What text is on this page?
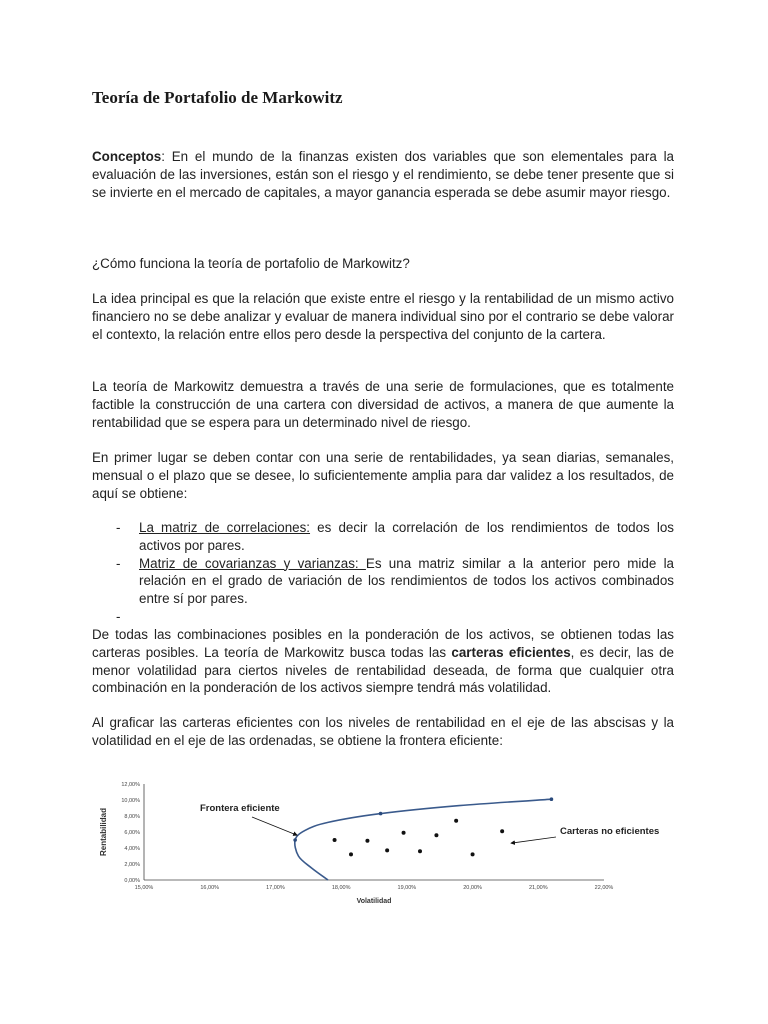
Teoría de Portafolio de Markowitz

Conceptos: En el mundo de la finanzas existen dos variables que son elementales para la evaluación de las inversiones, están son el riesgo y el rendimiento, se debe tener presente que si se invierte en el mercado de capitales, a mayor ganancia esperada se debe asumir mayor riesgo.

¿Cómo funciona la teoría de portafolio de Markowitz?

La idea principal es que la relación que existe entre el riesgo y la rentabilidad de un mismo activo financiero no se debe analizar y evaluar de manera individual sino por el contrario se debe valorar el contexto, la relación entre ellos pero desde la perspectiva del conjunto de la cartera.

La teoría de Markowitz demuestra a través de una serie de formulaciones, que es totalmente factible la construcción de una cartera con diversidad de activos, a manera de que aumente la rentabilidad que se espera para un determinado nivel de riesgo.

En primer lugar se deben contar con una serie de rentabilidades, ya sean diarias, semanales, mensual o el plazo que se desee, lo suficientemente amplia para dar validez a los resultados, de aquí se obtiene:

- La matriz de correlaciones: es decir la correlación de los rendimientos de todos los activos por pares.
- Matriz de covarianzas y varianzas: Es una matriz similar a la anterior pero mide la relación en el grado de variación de los rendimientos de todos los activos combinados entre sí por pares.
-

De todas las combinaciones posibles en la ponderación de los activos, se obtienen todas las carteras posibles. La teoría de Markowitz busca todas las carteras eficientes, es decir, las de menor volatilidad para ciertos niveles de rentabilidad deseada, de forma que cualquier otra combinación en la ponderación de los activos siempre tendrá más volatilidad.

Al graficar las carteras eficientes con los niveles de rentabilidad en el eje de las abscisas y la volatilidad en el eje de las ordenadas, se obtiene la frontera eficiente:

0,00%
2,00%
4,00%
6,00%
8,00%
10,00%
12,00%
15,00%	16,00%	17,00%	18,00%	19,00%	20,00%	21,00%	22,00%
Rentabilidad
Volatilidad
Frontera eficiente
Carteras no eficientes
